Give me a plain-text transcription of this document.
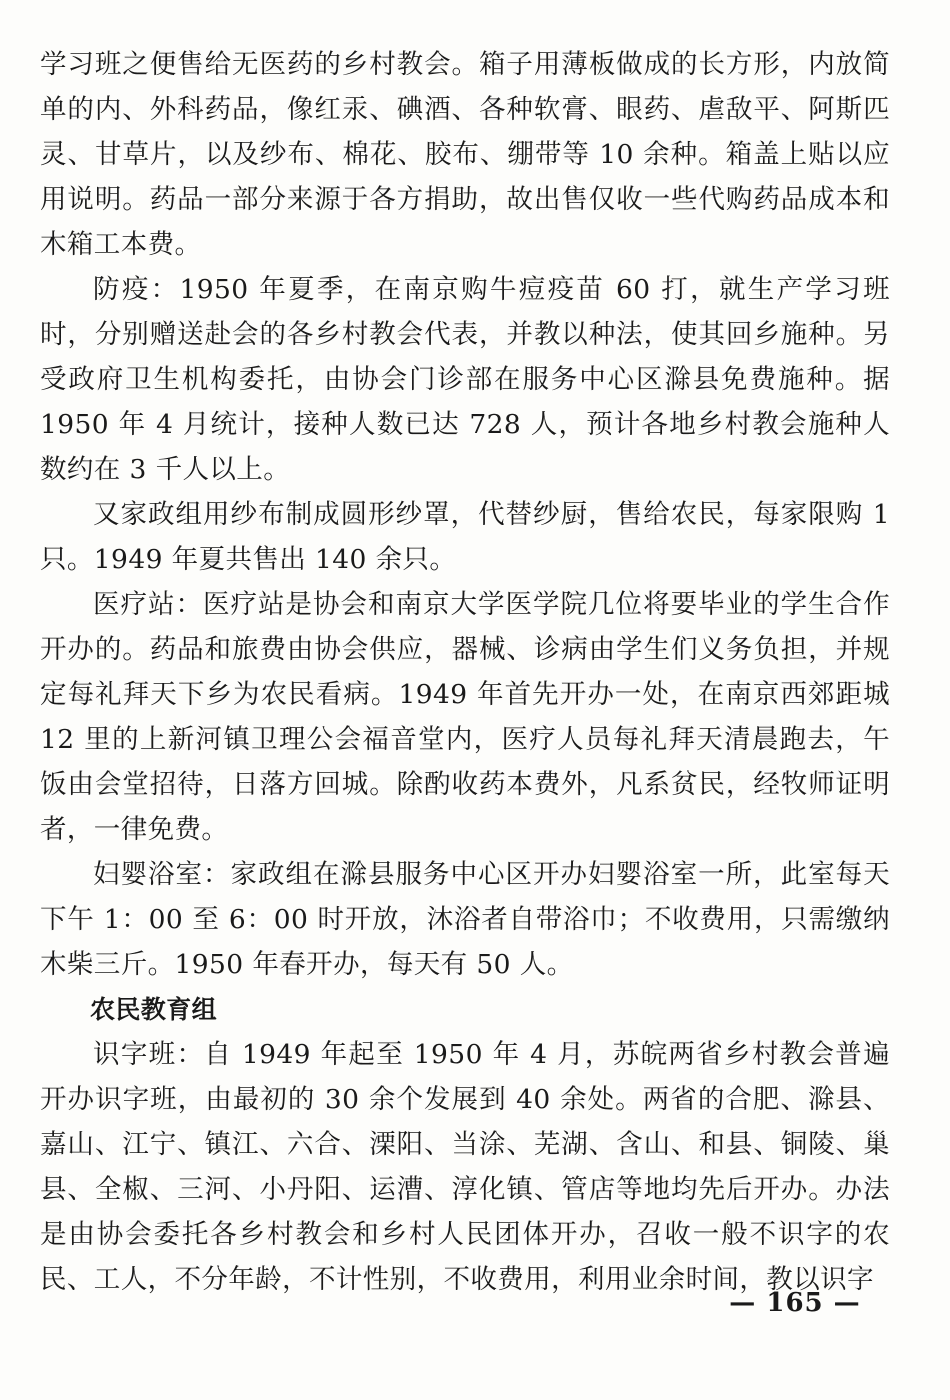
学习班之便售给无医药的乡村教会。箱子用薄板做成的长方形，内放简单的内、外科药品，像红汞、碘酒、各种软膏、眼药、虐敌平、阿斯匹灵、甘草片，以及纱布、棉花、胶布、绷带等 10 余种。箱盖上贴以应用说明。药品一部分来源于各方捐助，故出售仅收一些代购药品成本和木箱工本费。

防疫：1950 年夏季，在南京购牛痘疫苗 60 打，就生产学习班时，分别赠送赴会的各乡村教会代表，并教以种法，使其回乡施种。另受政府卫生机构委托，由协会门诊部在服务中心区滁县免费施种。据 1950 年 4 月统计，接种人数已达 728 人，预计各地乡村教会施种人数约在 3 千人以上。

又家政组用纱布制成圆形纱罩，代替纱厨，售给农民，每家限购 1 只。1949 年夏共售出 140 余只。

医疗站：医疗站是协会和南京大学医学院几位将要毕业的学生合作开办的。药品和旅费由协会供应，器械、诊病由学生们义务负担，并规定每礼拜天下乡为农民看病。1949 年首先开办一处，在南京西郊距城 12 里的上新河镇卫理公会福音堂内，医疗人员每礼拜天清晨跑去，午饭由会堂招待，日落方回城。除酌收药本费外，凡系贫民，经牧师证明者，一律免费。

妇婴浴室：家政组在滁县服务中心区开办妇婴浴室一所，此室每天下午 1：00 至 6：00 时开放，沐浴者自带浴巾；不收费用，只需缴纳木柴三斤。1950 年春开办，每天有 50 人。

农民教育组

识字班：自 1949 年起至 1950 年 4 月，苏皖两省乡村教会普遍开办识字班，由最初的 30 余个发展到 40 余处。两省的合肥、滁县、嘉山、江宁、镇江、六合、溧阳、当涂、芜湖、含山、和县、铜陵、巢县、全椒、三河、小丹阳、运漕、淳化镇、管店等地均先后开办。办法是由协会委托各乡村教会和乡村人民团体开办，召收一般不识字的农民、工人，不分年龄，不计性别，不收费用，利用业余时间，教以识字

— 165 —
